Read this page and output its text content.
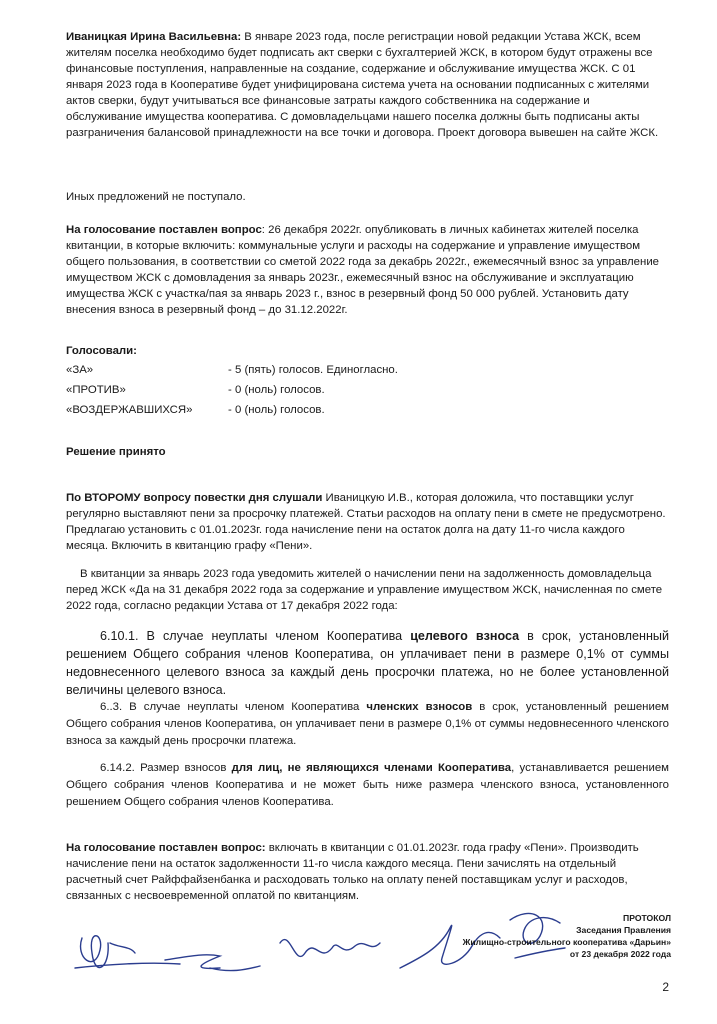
Иваницкая Ирина Васильевна: В январе 2023 года, после регистрации новой редакции Устава ЖСК, всем жителям поселка необходимо будет подписать акт сверки с бухгалтерией ЖСК, в котором будут отражены все финансовые поступления, направленные на создание, содержание и обслуживание имущества ЖСК. С 01 января 2023 года в Кооперативе будет унифицирована система учета на основании подписанных с жителями актов сверки, будут учитываться все финансовые затраты каждого собственника на содержание и обслуживание имущества кооператива. С домовладельцами нашего поселка должны быть подписаны акты разграничения балансовой принадлежности на все точки и договора. Проект договора вывешен на сайте ЖСК.

Иных предложений не поступало.

На голосование поставлен вопрос: 26 декабря 2022г. опубликовать в личных кабинетах жителей поселка квитанции, в которые включить: коммунальные услуги и расходы на содержание и управление имуществом общего пользования, в соответствии со сметой 2022 года за декабрь 2022г., ежемесячный взнос за управление имуществом ЖСК с домовладения за январь 2023г., ежемесячный взнос на обслуживание и эксплуатацию имущества ЖСК с участка/пая за январь 2023 г., взнос в резервный фонд 50 000 рублей. Установить дату внесения взноса в резервный фонд – до 31.12.2022г.

Голосовали:
«ЗА»	- 5 (пять) голосов. Единогласно.
«ПРОТИВ»	- 0 (ноль) голосов.
«ВОЗДЕРЖАВШИХСЯ»	- 0 (ноль) голосов.
Решение принято

По ВТОРОМУ вопросу повестки дня слушали Иваницкую И.В., которая доложила, что поставщики услуг регулярно выставляют пени за просрочку платежей. Статьи расходов на оплату пени в смете не предусмотрено. Предлагаю установить с 01.01.2023г. года начисление пени на остаток долга на дату 11-го числа каждого месяца. Включить в квитанцию графу «Пени».

В квитанции за январь 2023 года уведомить жителей о начислении пени на задолженность домовладельца перед ЖСК «Да на 31 декабря 2022 года за содержание и управление имуществом ЖСК, начисленная по смете 2022 года, согласно редакции Устава от 17 декабря 2022 года:

6.10.1. В случае неуплаты членом Кооператива целевого взноса в срок, установленный решением Общего собрания членов Кооператива, он уплачивает пени в размере 0,1% от суммы недовнесенного целевого взноса за каждый день просрочки платежа, но не более установленной величины целевого взноса.

6..3. В случае неуплаты членом Кооператива членских взносов в срок, установленный решением Общего собрания членов Кооператива, он уплачивает пени в размере 0,1% от суммы недовнесенного членского взноса за каждый день просрочки платежа.

6.14.2. Размер взносов для лиц, не являющихся членами Кооператива, устанавливается решением Общего собрания членов Кооператива и не может быть ниже размера членского взноса, установленного решением Общего собрания членов Кооператива.

На голосование поставлен вопрос: включать в квитанции с 01.01.2023г. года графу «Пени». Производить начисление пени на остаток задолженности 11-го числа каждого месяца. Пени зачислять на отдельный расчетный счет Райффайзенбанка и расходовать только на оплату пеней поставщикам услуг и расходов, связанных с несвоевременной оплатой по квитанциям.

ПРОТОКОЛ
Заседания Правления
Жилищно-строительного кооператива «Дарьин»
от 23 декабря 2022 года
2
